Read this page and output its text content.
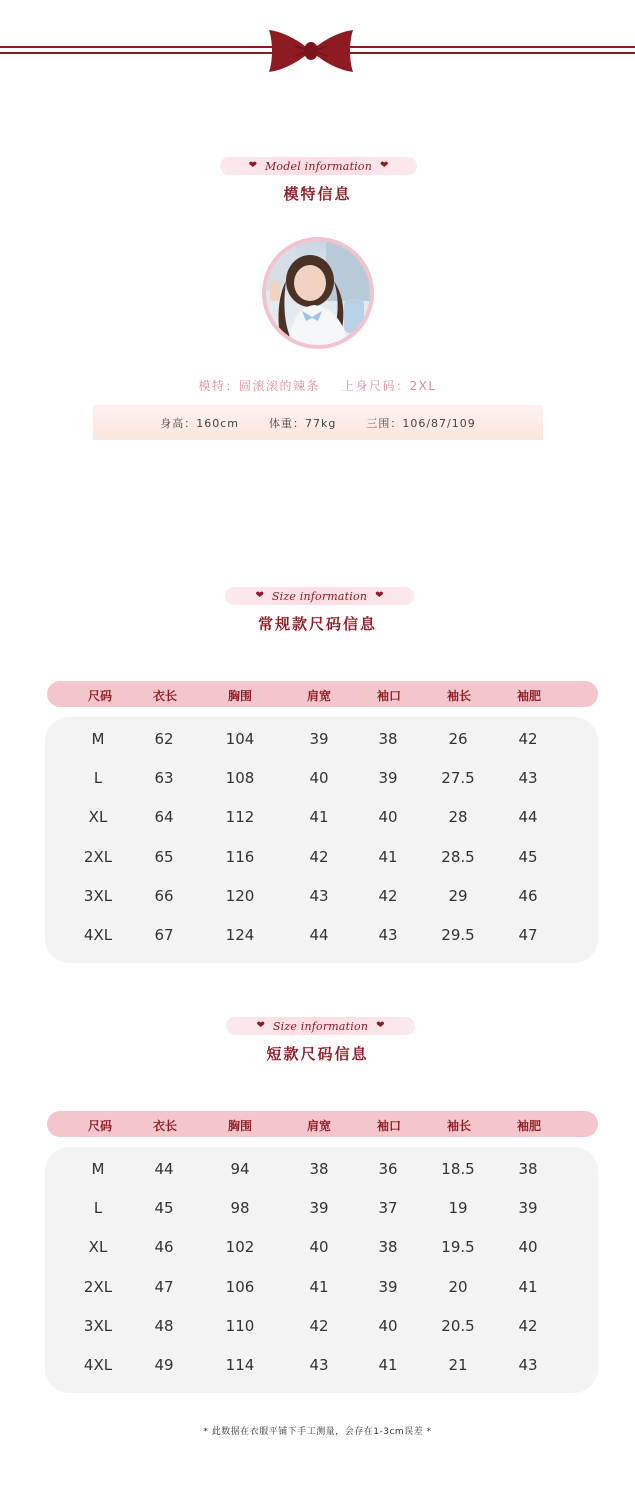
❤ Model information ❤
模特信息
模特：圆滚滚的辣条 上身尺码：2XL
身高：160cm	体重：77kg	三围：106/87/109
❤ Size information ❤
常规款尺码信息
尺码	衣长	胸围	肩宽	袖口	袖长	袖肥
M	62	104	39	38	26	42
L	63	108	40	39	27.5	43
XL	64	112	41	40	28	44
2XL	65	116	42	41	28.5	45
3XL	66	120	43	42	29	46
4XL	67	124	44	43	29.5	47
❤ Size information ❤
短款尺码信息
尺码	衣长	胸围	肩宽	袖口	袖长	袖肥
M	44	94	38	36	18.5	38
L	45	98	39	37	19	39
XL	46	102	40	38	19.5	40
2XL	47	106	41	39	20	41
3XL	48	110	42	40	20.5	42
4XL	49	114	43	41	21	43
* 此数据在衣服平铺下手工测量，会存在1-3cm误差 *
